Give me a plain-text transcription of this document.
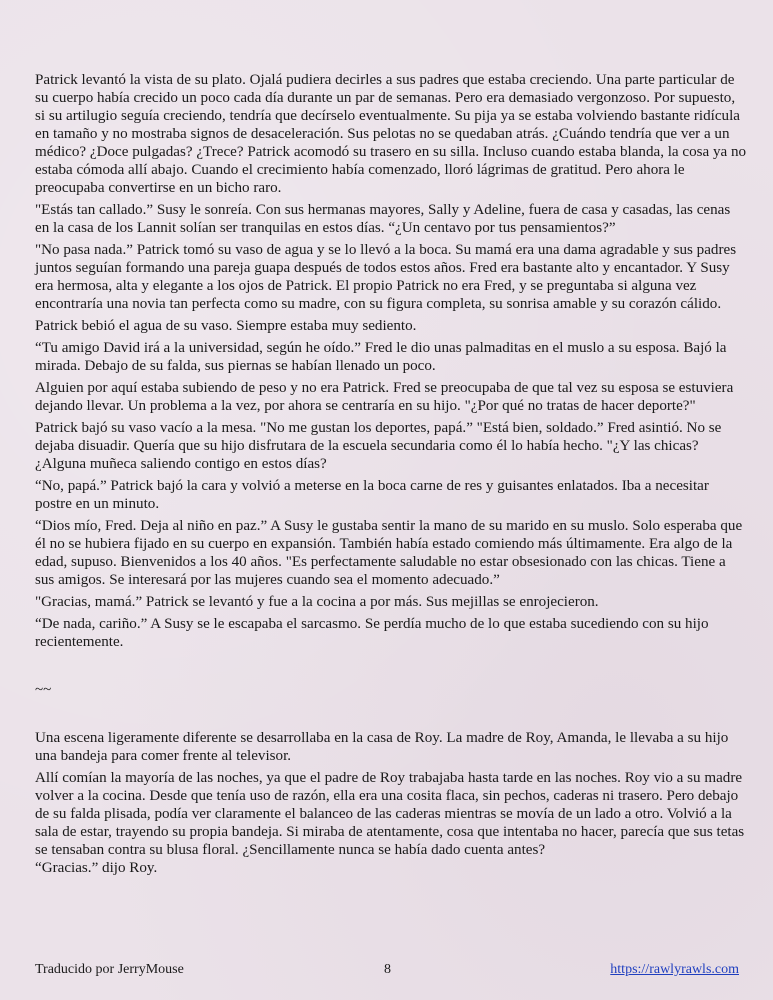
Patrick levantó la vista de su plato. Ojalá pudiera decirles a sus padres que estaba creciendo. Una parte particular de su cuerpo había crecido un poco cada día durante un par de semanas. Pero era demasiado vergonzoso. Por supuesto, si su artilugio seguía creciendo, tendría que decírselo eventualmente. Su pija ya se estaba volviendo bastante ridícula en tamaño y no mostraba signos de desaceleración. Sus pelotas no se quedaban atrás. ¿Cuándo tendría que ver a un médico? ¿Doce pulgadas? ¿Trece? Patrick acomodó su trasero en su silla. Incluso cuando estaba blanda, la cosa ya no estaba cómoda allí abajo. Cuando el crecimiento había comenzado, lloró lágrimas de gratitud. Pero ahora le preocupaba convertirse en un bicho raro.

"Estás tan callado.” Susy le sonreía. Con sus hermanas mayores, Sally y Adeline, fuera de casa y casadas, las cenas en la casa de los Lannit solían ser tranquilas en estos días. “¿Un centavo por tus pensamientos?”

"No pasa nada.” Patrick tomó su vaso de agua y se lo llevó a la boca. Su mamá era una dama agradable y sus padres juntos seguían formando una pareja guapa después de todos estos años. Fred era bastante alto y encantador. Y Susy era hermosa, alta y elegante a los ojos de Patrick. El propio Patrick no era Fred, y se preguntaba si alguna vez encontraría una novia tan perfecta como su madre, con su figura completa, su sonrisa amable y su corazón cálido.

Patrick bebió el agua de su vaso. Siempre estaba muy sediento.

“Tu amigo David irá a la universidad, según he oído.” Fred le dio unas palmaditas en el muslo a su esposa. Bajó la mirada. Debajo de su falda, sus piernas se habían llenado un poco.

Alguien por aquí estaba subiendo de peso y no era Patrick. Fred se preocupaba de que tal vez su esposa se estuviera dejando llevar. Un problema a la vez, por ahora se centraría en su hijo. "¿Por qué no tratas de hacer deporte?"

Patrick bajó su vaso vacío a la mesa. "No me gustan los deportes, papá.” "Está bien, soldado.” Fred asintió. No se dejaba disuadir. Quería que su hijo disfrutara de la escuela secundaria como él lo había hecho. "¿Y las chicas? ¿Alguna muñeca saliendo contigo en estos días?

“No, papá.” Patrick bajó la cara y volvió a meterse en la boca carne de res y guisantes enlatados. Iba a necesitar postre en un minuto.

“Dios mío, Fred. Deja al niño en paz.” A Susy le gustaba sentir la mano de su marido en su muslo. Solo esperaba que él no se hubiera fijado en su cuerpo en expansión. También había estado comiendo más últimamente. Era algo de la edad, supuso. Bienvenidos a los 40 años. "Es perfectamente saludable no estar obsesionado con las chicas. Tiene a sus amigos. Se interesará por las mujeres cuando sea el momento adecuado.”

"Gracias, mamá.” Patrick se levantó y fue a la cocina a por más. Sus mejillas se enrojecieron.

“De nada, cariño.” A Susy se le escapaba el sarcasmo. Se perdía mucho de lo que estaba sucediendo con su hijo recientemente.

~~

Una escena ligeramente diferente se desarrollaba en la casa de Roy. La madre de Roy, Amanda, le llevaba a su hijo una bandeja para comer frente al televisor.

Allí comían la mayoría de las noches, ya que el padre de Roy trabajaba hasta tarde en las noches. Roy vio a su madre volver a la cocina. Desde que tenía uso de razón, ella era una cosita flaca, sin pechos, caderas ni trasero. Pero debajo de su falda plisada, podía ver claramente el balanceo de las caderas mientras se movía de un lado a otro. Volvió a la sala de estar, trayendo su propia bandeja. Si miraba de atentamente, cosa que intentaba no hacer, parecía que sus tetas se tensaban contra su blusa floral. ¿Sencillamente nunca se había dado cuenta antes?

“Gracias.” dijo Roy.

Traducido por JerryMouse	8	https://rawlyrawls.com
